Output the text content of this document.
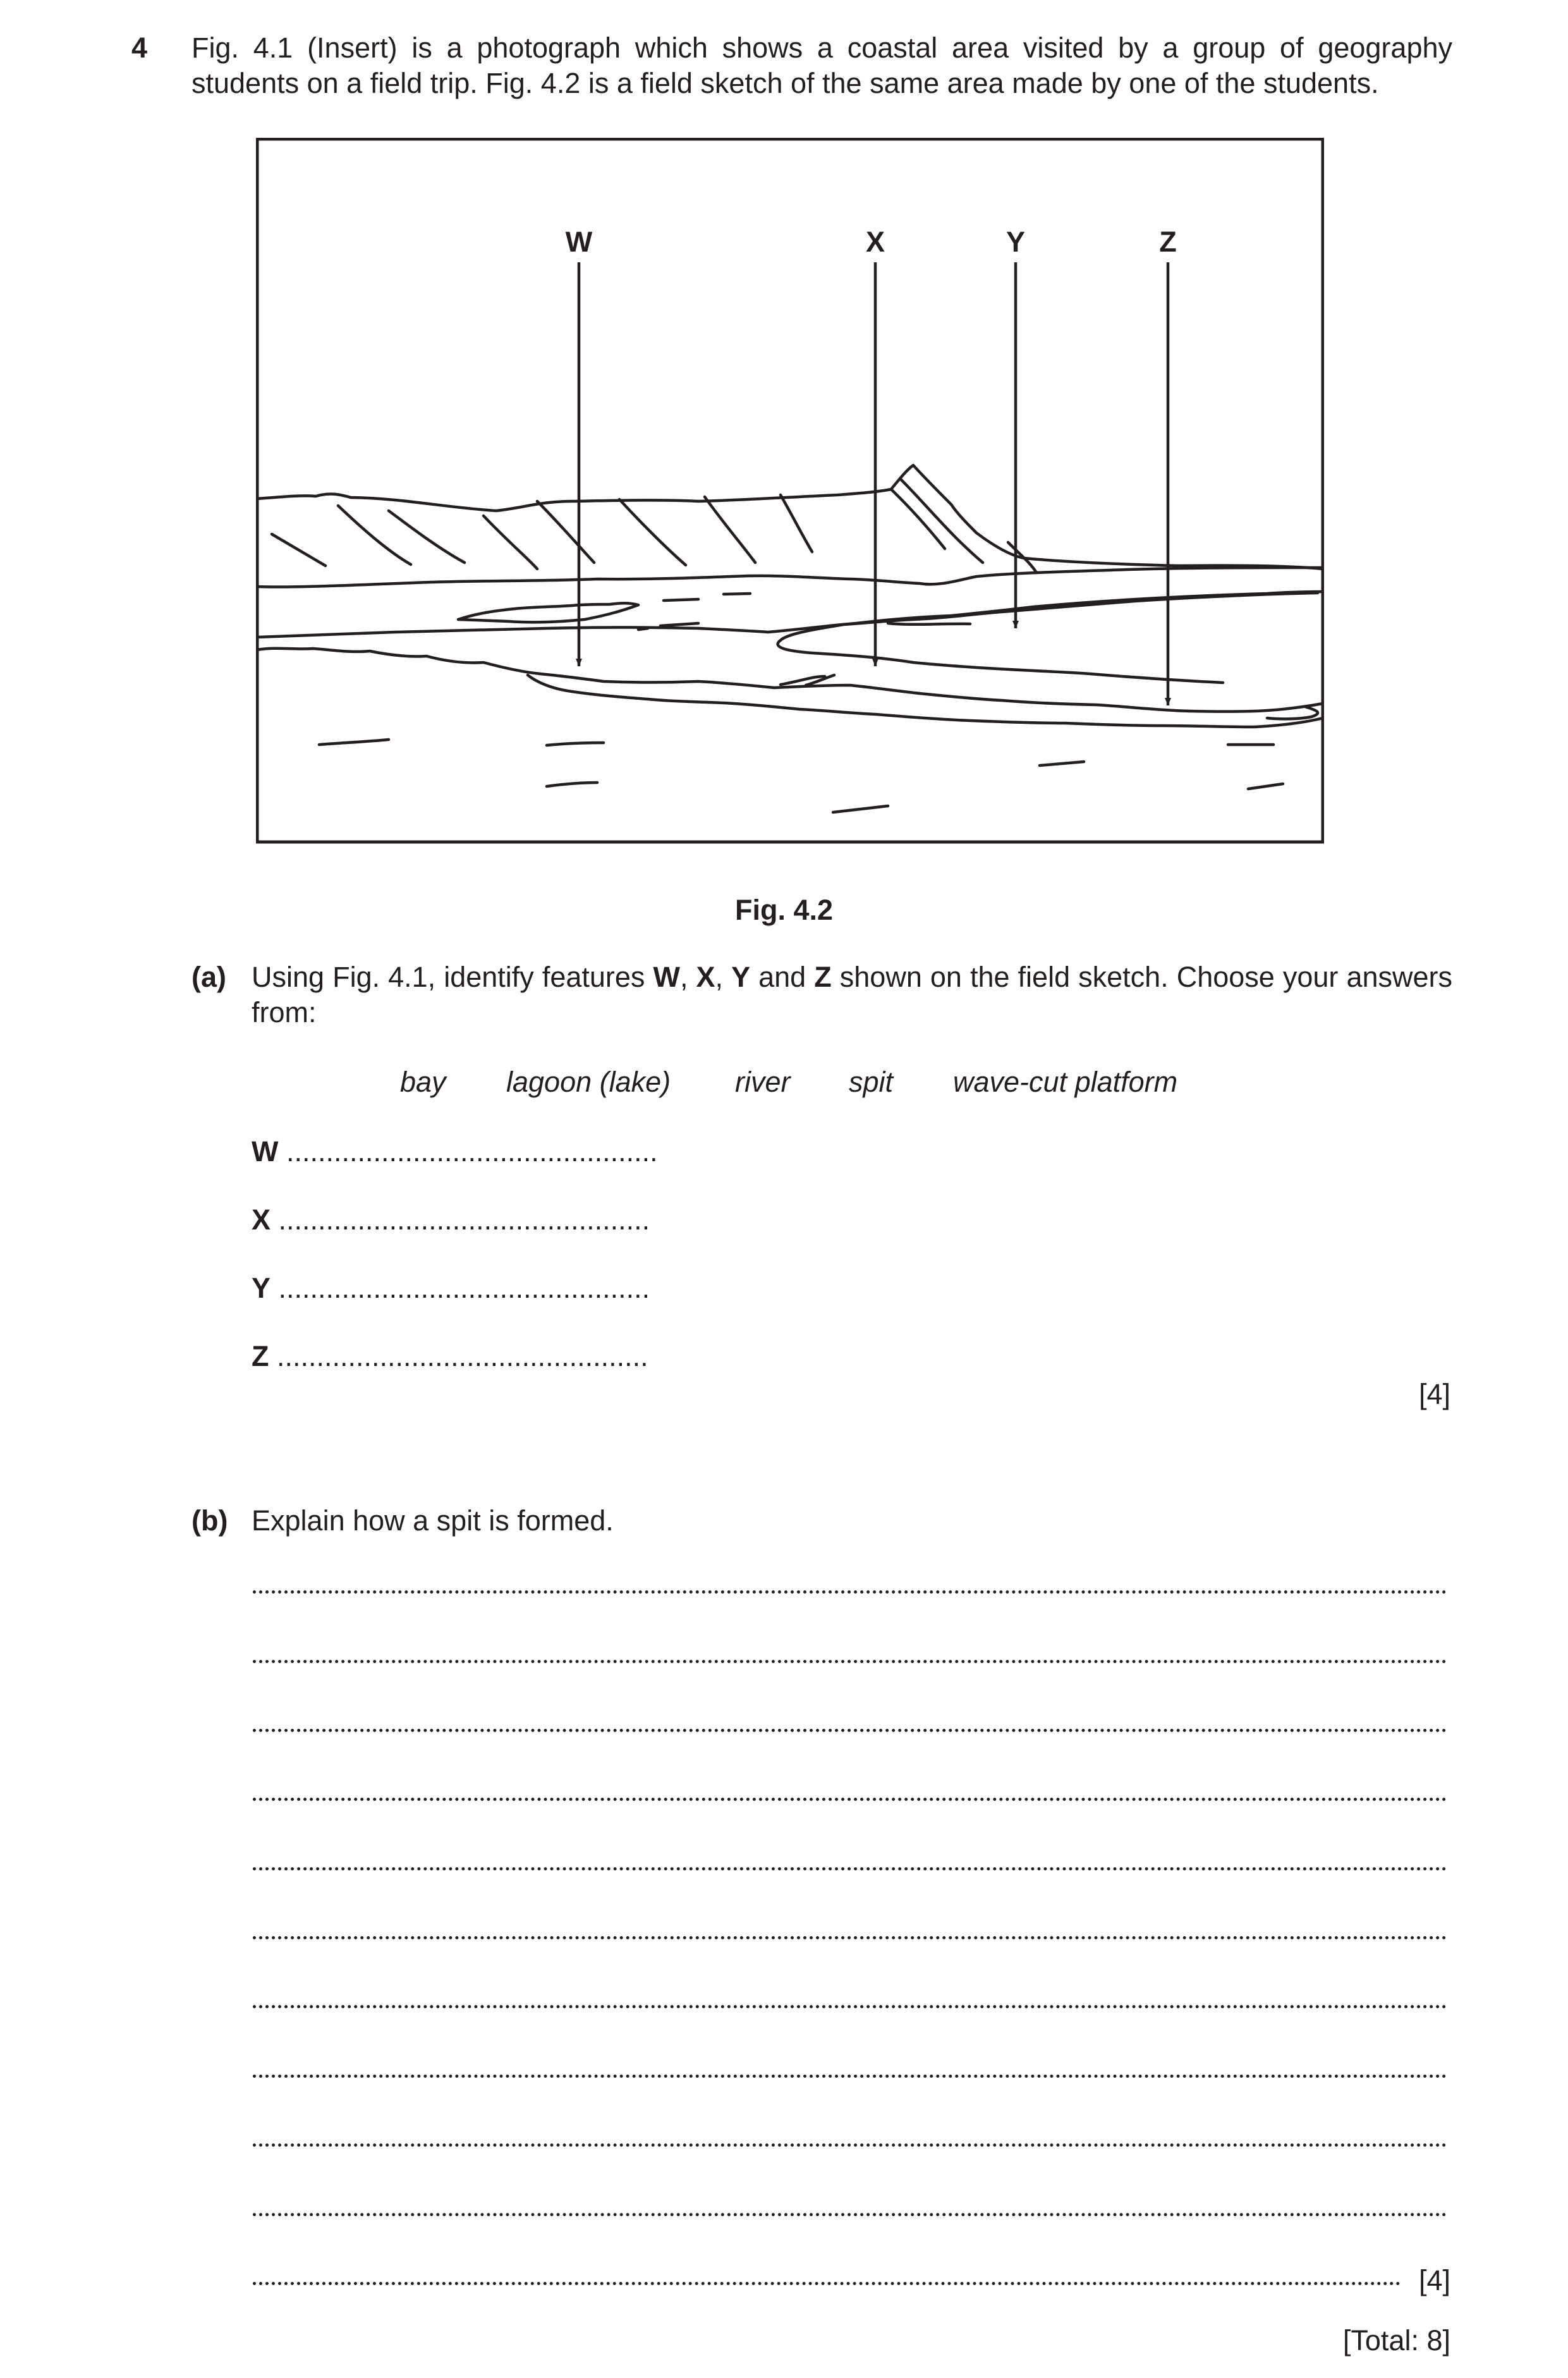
4 Fig. 4.1 (Insert) is a photograph which shows a coastal area visited by a group of geography students on a field trip. Fig. 4.2 is a field sketch of the same area made by one of the students.
W	X	Y	Z
Fig. 4.2
(a) Using Fig. 4.1, identify features W, X, Y and Z shown on the field sketch. Choose your answers from:
bay lagoon (lake) river spit wave-cut platform
W ...............................................
X ...............................................
Y ...............................................
Z ...............................................
[4]
(b) Explain how a spit is formed.
[4]
[Total: 8]
